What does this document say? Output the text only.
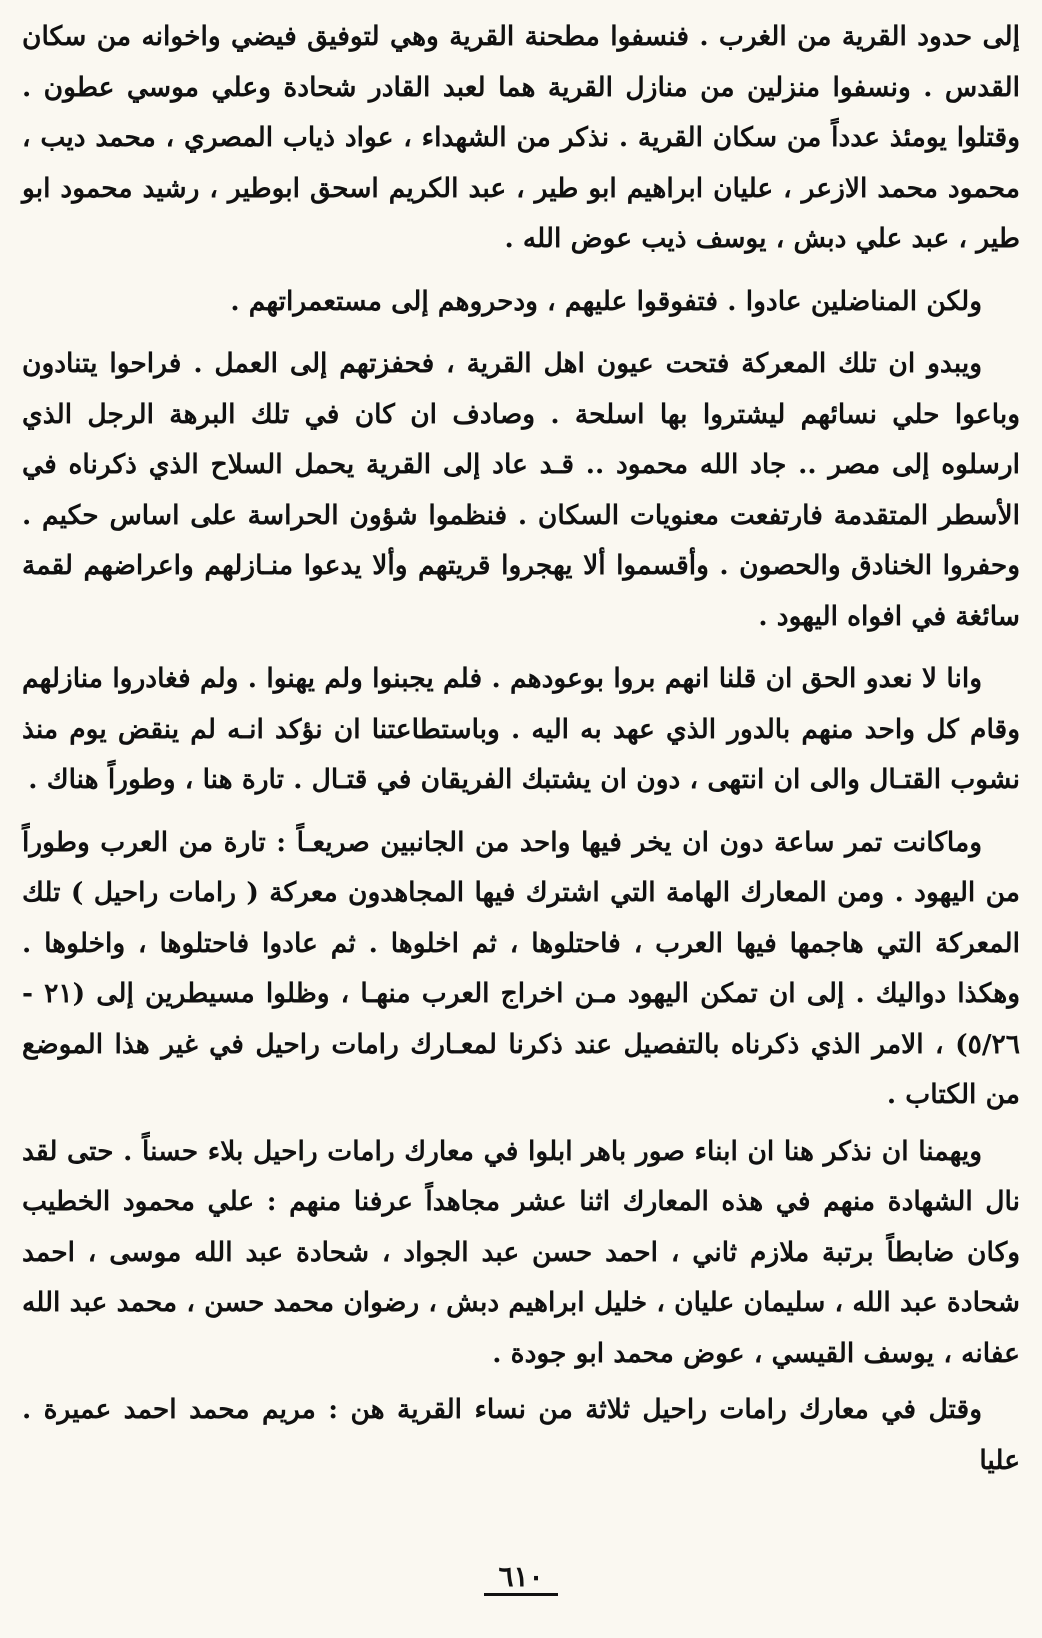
إلى حدود القرية من الغرب . فنسفوا مطحنة القرية وهي لتوفيق فيضي واخوانه من سكان القدس . ونسفوا منزلين من منازل القرية هما لعبد القادر شحادة وعلي موسي عطون . وقتلوا يومئذ عدداً من سكان القرية . نذكر من الشهداء ، عواد ذياب المصري ، محمد ديب ، محمود محمد الازعر ، عليان ابراهيم ابو طير ، عبد الكريم اسحق ابوطير ، رشيد محمود ابو طير ، عبد علي دبش ، يوسف ذيب عوض الله .

ولكن المناضلين عادوا . فتفوقوا عليهم ، ودحروهم إلى مستعمراتهم .

ويبدو ان تلك المعركة فتحت عيون اهل القرية ، فحفزتهم إلى العمل . فراحوا يتنادون وباعوا حلي نسائهم ليشتروا بها اسلحة . وصادف ان كان في تلك البرهة الرجل الذي ارسلوه إلى مصر .. جاد الله محمود .. قـد عاد إلى القرية يحمل السلاح الذي ذكرناه في الأسطر المتقدمة فارتفعت معنويات السكان . فنظموا شؤون الحراسة على اساس حكيم . وحفروا الخنادق والحصون . وأقسموا ألا يهجروا قريتهم وألا يدعوا منـازلهم واعراضهم لقمة سائغة في افواه اليهود .

وانا لا نعدو الحق ان قلنا انهم بروا بوعودهم . فلم يجبنوا ولم يهنوا . ولم فغادروا منازلهم وقام كل واحد منهم بالدور الذي عهد به اليه . وباستطاعتنا ان نؤكد انـه لم ينقض يوم منذ نشوب القتـال والى ان انتهى ، دون ان يشتبك الفريقان في قتـال . تارة هنا ، وطوراً هناك .

وماكانت تمر ساعة دون ان يخر فيها واحد من الجانبين صريعـاً : تارة من العرب وطوراً من اليهود . ومن المعارك الهامة التي اشترك فيها المجاهدون معركة ( رامات راحيل ) تلك المعركة التي هاجمها فيها العرب ، فاحتلوها ، ثم اخلوها . ثم عادوا فاحتلوها ، واخلوها . وهكذا دواليك . إلى ان تمكن اليهود مـن اخراج العرب منهـا ، وظلوا مسيطرين إلى (٢١ - ٥/٢٦) ، الامر الذي ذكرناه بالتفصيل عند ذكرنا لمعـارك رامات راحيل في غير هذا الموضع من الكتاب .

ويهمنا ان نذكر هنا ان ابناء صور باهر ابلوا في معارك رامات راحيل بلاء حسناً . حتى لقد نال الشهادة منهم في هذه المعارك اثنا عشر مجاهداً عرفنا منهم : علي محمود الخطيب وكان ضابطاً برتبة ملازم ثاني ، احمد حسن عبد الجواد ، شحادة عبد الله موسى ، احمد شحادة عبد الله ، سليمان عليان ، خليل ابراهيم دبش ، رضوان محمد حسن ، محمد عبد الله عفانه ، يوسف القيسي ، عوض محمد ابو جودة .

وقتل في معارك رامات راحيل ثلاثة من نساء القرية هن : مريم محمد احمد عميرة . عليا

٦١٠
